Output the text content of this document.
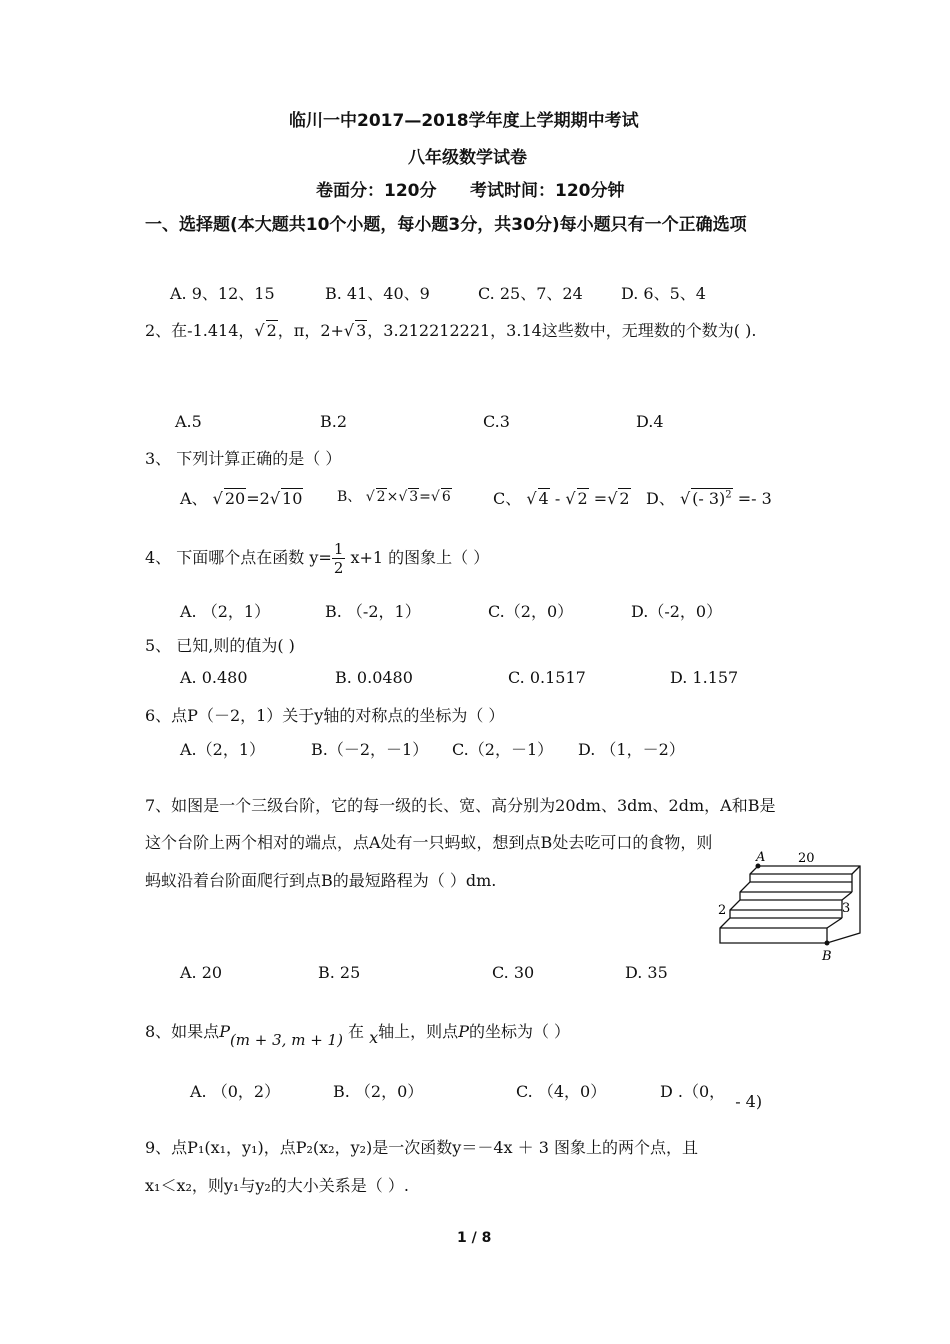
临川一中2017—2018学年度上学期期中考试
八年级数学试卷
卷面分：120分 考试时间：120分钟
一、选择题(本大题共10个小题，每小题3分，共30分)每小题只有一个正确选项
A. 9、12、15	B. 41、40、9	C. 25、7、24 D. 6、5、4
2、在-1.414，√ 2，π，2+√ 3，3.212212221，3.14这些数中，无理数的个数为( ).
A.5	B.2	C.3	D.4
3、 下列计算正确的是（ ）
A、 √ 20=2√ 10 B、 √ 2×√ 3=√ 6	C、 √ 4 - √ 2 =√ 2 D、 √ (- 3)$^2$ =- 3
4、 下面哪个点在函数 $y= \frac{1}{2} x+1$ 的图象上（ ）
A. （2，1）	B. （-2，1）	C.（2，0）	D.（-2，0）
5、 已知,则的值为( )
A. 0.480	B. 0.0480	C. 0.1517	D. 1.157
6、点P（－2，1）关于y轴的对称点的坐标为（ ）
A.（2，1）	B.（－2，－1） C.（2，－1） D. （1，－2）
7、如图是一个三级台阶，它的每一级的长、宽、高分别为20dm、3dm、2dm，A和B是
这个台阶上两个相对的端点，点A处有一只蚂蚁，想到点B处去吃可口的食物，则
蚂蚁沿着台阶面爬行到点B的最短路程为（ ）dm.
A
B
20
2	3
A. 20	B. 25	C. 30	D. 35
8、如果点P(m + 3, m + 1) 在 x轴上，则点P的坐标为（ ）
A. （0，2）	B. （2，0）	C. （4，0）	D .（0，- 4)
9、点P₁(x₁，y₁)，点P₂(x₂，y₂)是一次函数y＝－4x ＋ 3 图象上的两个点，且
x₁＜x₂，则y₁与y₂的大小关系是（ ）.
1 / 8
